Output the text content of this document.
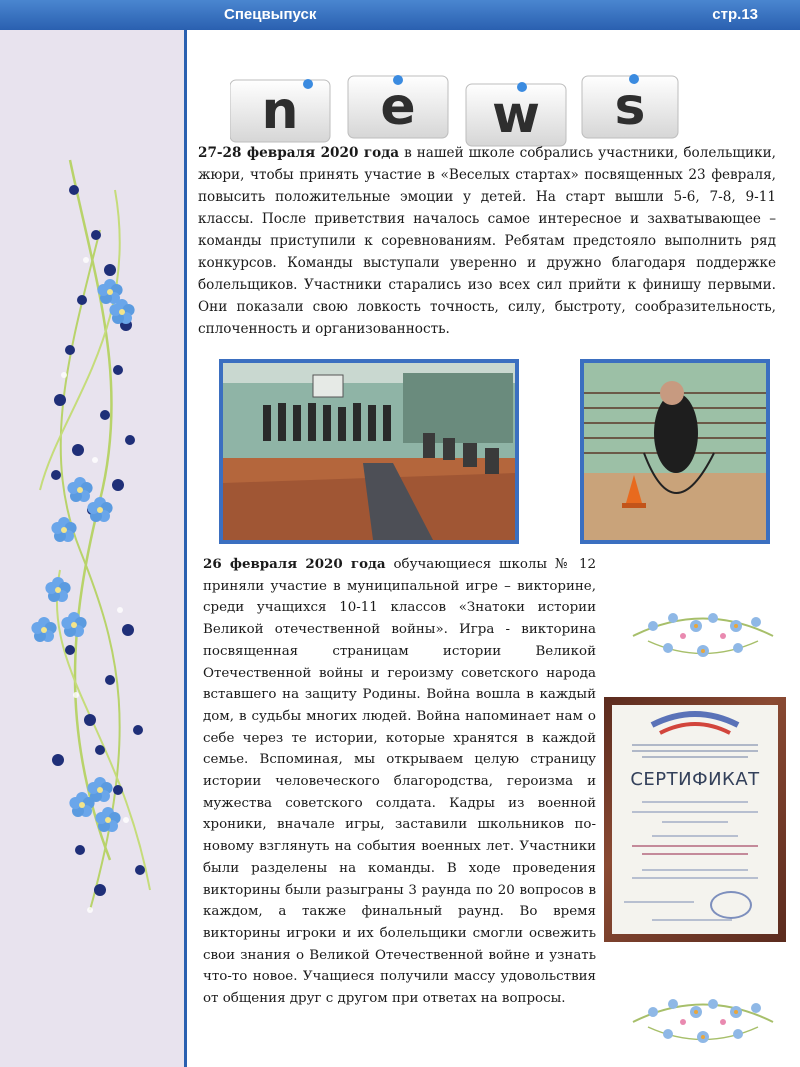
Спецвыпуск	стр.13
n e w s

27-28 февраля 2020 года в нашей школе собрались участники, болельщики, жюри, чтобы принять участие в «Веселых стартах» посвященных 23 февраля, повысить положительные эмоции у детей. На старт вышли 5-6, 7-8, 9-11 классы. После приветствия началось самое интересное и захватывающее – команды приступили к соревнованиям. Ребятам предстояло выполнить ряд конкурсов. Команды выступали уверенно и дружно благодаря поддержке болельщиков. Участники старались изо всех сил прийти к финишу первыми. Они показали свою ловкость точность, силу, быстроту, сообразительность, сплоченность и организованность.

26 февраля 2020 года обучающиеся школы № 12 приняли участие в муниципальной игре – викторине, среди учащихся 10-11 классов «Знатоки истории Великой отечественной войны». Игра - викторина посвященная страницам истории Великой Отечественной войны и героизму советского народа вставшего на защиту Родины. Война вошла в каждый дом, в судьбы многих людей. Война напоминает нам о себе через те истории, которые хранятся в каждой семье. Вспоминая, мы открываем целую страницу истории человеческого благородства, героизма и мужества советского солдата. Кадры из военной хроники, вначале игры, заставили школьников по-новому взглянуть на события военных лет. Участники были разделены на команды. В ходе проведения викторины были разыграны 3 раунда по 20 вопросов в каждом, а также финальный раунд. Во время викторины игроки и их болельщики смогли освежить свои знания о Великой Отечественной войне и узнать что-то новое. Учащиеся получили массу удовольствия от общения друг с другом при ответах на вопросы.

СЕРТИФИКАТ
